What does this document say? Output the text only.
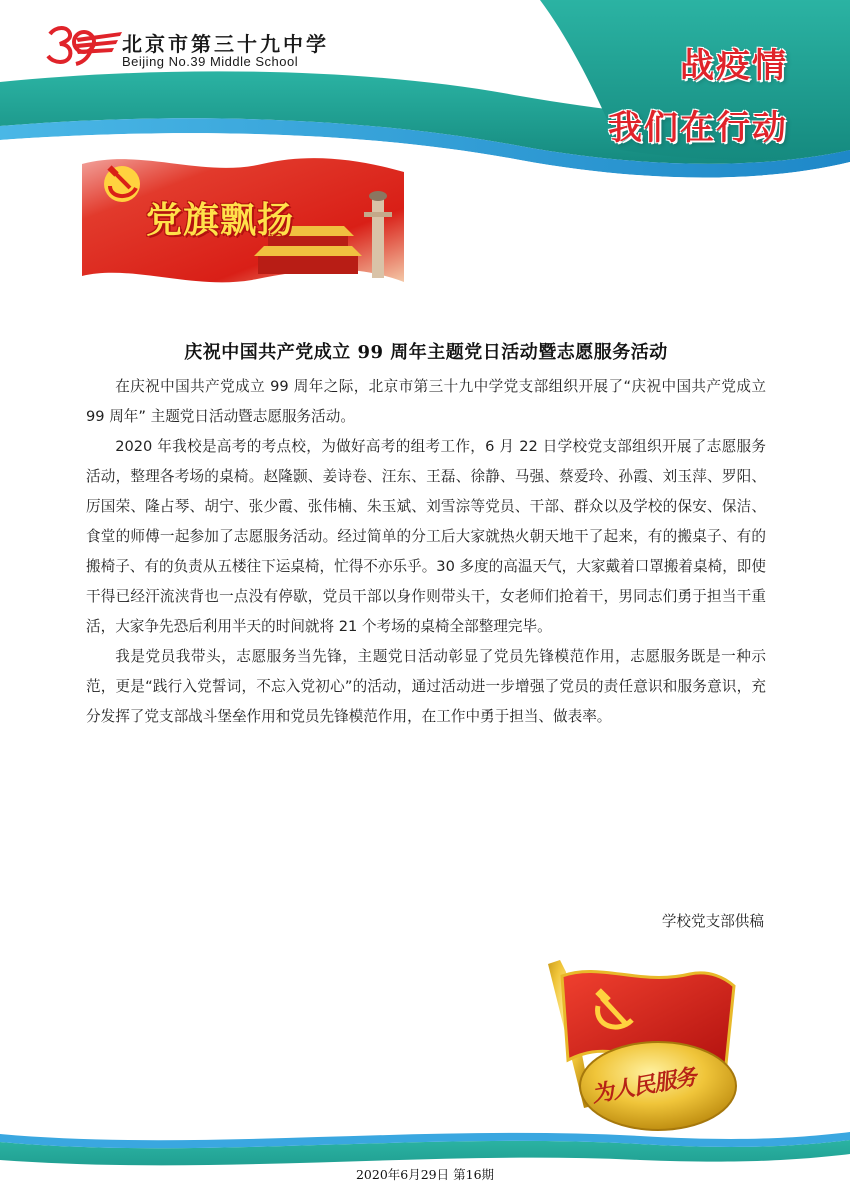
北京市第三十九中学
Beijing No.39 Middle School	战疫情
我们在行动
党旗飘扬
庆祝中国共产党成立 99 周年主题党日活动暨志愿服务活动

在庆祝中国共产党成立 99 周年之际，北京市第三十九中学党支部组织开展了“庆祝中国共产党成立 99 周年” 主题党日活动暨志愿服务活动。

2020 年我校是高考的考点校，为做好高考的组考工作，6 月 22 日学校党支部组织开展了志愿服务活动，整理各考场的桌椅。赵隆颢、姜诗卷、汪东、王磊、徐静、马强、蔡爱玲、孙霞、刘玉萍、罗阳、厉国荣、隆占琴、胡宁、张少霞、张伟楠、朱玉斌、刘雪淙等党员、干部、群众以及学校的保安、保洁、食堂的师傅一起参加了志愿服务活动。经过简单的分工后大家就热火朝天地干了起来，有的搬桌子、有的搬椅子、有的负责从五楼往下运桌椅，忙得不亦乐乎。30 多度的高温天气，大家戴着口罩搬着桌椅，即使干得已经汗流浃背也一点没有停歇，党员干部以身作则带头干，女老师们抢着干，男同志们勇于担当干重活，大家争先恐后利用半天的时间就将 21 个考场的桌椅全部整理完毕。

我是党员我带头，志愿服务当先锋，主题党日活动彰显了党员先锋模范作用，志愿服务既是一种示范，更是“践行入党誓词，不忘入党初心”的活动，通过活动进一步增强了党员的责任意识和服务意识，充分发挥了党支部战斗堡垒作用和党员先锋模范作用，在工作中勇于担当、做表率。

学校党支部供稿
为人民服务
2020年6月29日 第16期
